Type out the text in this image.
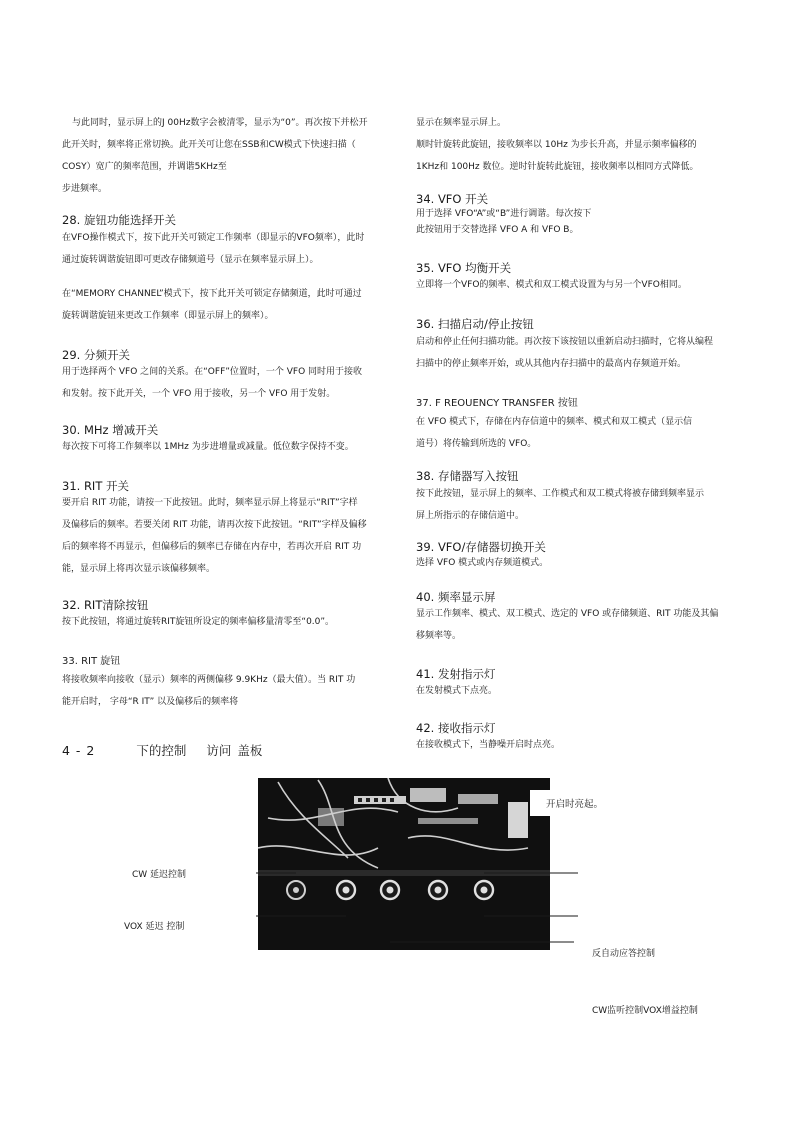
与此同时，显示屏上的J 00Hz数字会被清零，显示为“0”。再次按下并松开
此开关时，频率将正常切换。此开关可让您在SSB和CW模式下快速扫描（
COSY）宽广的频率范围，并调谐5KHz至
步进频率。
28. 旋钮功能选择开关
在VFO操作模式下，按下此开关可锁定工作频率（即显示的VFO频率），此时
通过旋转调谐旋钮即可更改存储频道号（显示在频率显示屏上）。
在“MEMORY CHANNEL”模式下，按下此开关可锁定存储频道，此时可通过
旋转调谐旋钮来更改工作频率（即显示屏上的频率）。
29. 分频开关
用于选择两个 VFO 之间的关系。在“OFF”位置时，一个 VFO 同时用于接收
和发射。按下此开关，一个 VFO 用于接收，另一个 VFO 用于发射。
30. MHz 增减开关
每次按下可将工作频率以 1MHz 为步进增量或减量。低位数字保持不变。
31. RIT 开关
要开启 RIT 功能，请按一下此按钮。此时，频率显示屏上将显示“RIT”字样
及偏移后的频率。若要关闭 RIT 功能，请再次按下此按钮。“RIT”字样及偏移
后的频率将不再显示，但偏移后的频率已存储在内存中，若再次开启 RIT 功
能，显示屏上将再次显示该偏移频率。
32. RIT清除按钮
按下此按钮，将通过旋转RIT旋钮所设定的频率偏移量清零至“0.0”。
33. RIT 旋钮
将接收频率向接收（显示）频率的两侧偏移 9.9KHz（最大值）。当 RIT 功
能开启时， 字母“R IT” 以及偏移后的频率将
显示在频率显示屏上。
顺时针旋转此旋钮，接收频率以 10Hz 为步长升高，并显示频率偏移的
1KHz和 100Hz 数位。逆时针旋转此旋钮，接收频率以相同方式降低。
34. VFO 开关
用于选择 VFO“A”或“B”进行调谐。每次按下
此按钮用于交替选择 VFO A 和 VFO B。
35. VFO 均衡开关
立即将一个VFO的频率、模式和双工模式设置为与另一个VFO相同。
36. 扫描启动/停止按钮
启动和停止任何扫描功能。再次按下该按钮以重新启动扫描时，它将从编程
扫描中的停止频率开始，或从其他内存扫描中的最高内存频道开始。
37. F REOUENCY TRANSFER 按钮
在 VFO 模式下，存储在内存信道中的频率、模式和双工模式（显示信
道号）将传输到所选的 VFO。
38. 存储器写入按钮
按下此按钮，显示屏上的频率、工作模式和双工模式将被存储到频率显示
屏上所指示的存储信道中。
39. VFO/存储器切换开关
选择 VFO 模式或内存频道模式。
40. 频率显示屏
显示工作频率、模式、双工模式、选定的 VFO 或存储频道、RIT 功能及其偏
移频率等。
41. 发射指示灯
在发射模式下点亮。
42. 接收指示灯
在接收模式下，当静噪开启时点亮。
4 - 2	下的控制 访问 盖板
开启时亮起。
CW 延迟控制
VOX 延迟 控制
反自动应答控制
CW监听控制VOX增益控制
